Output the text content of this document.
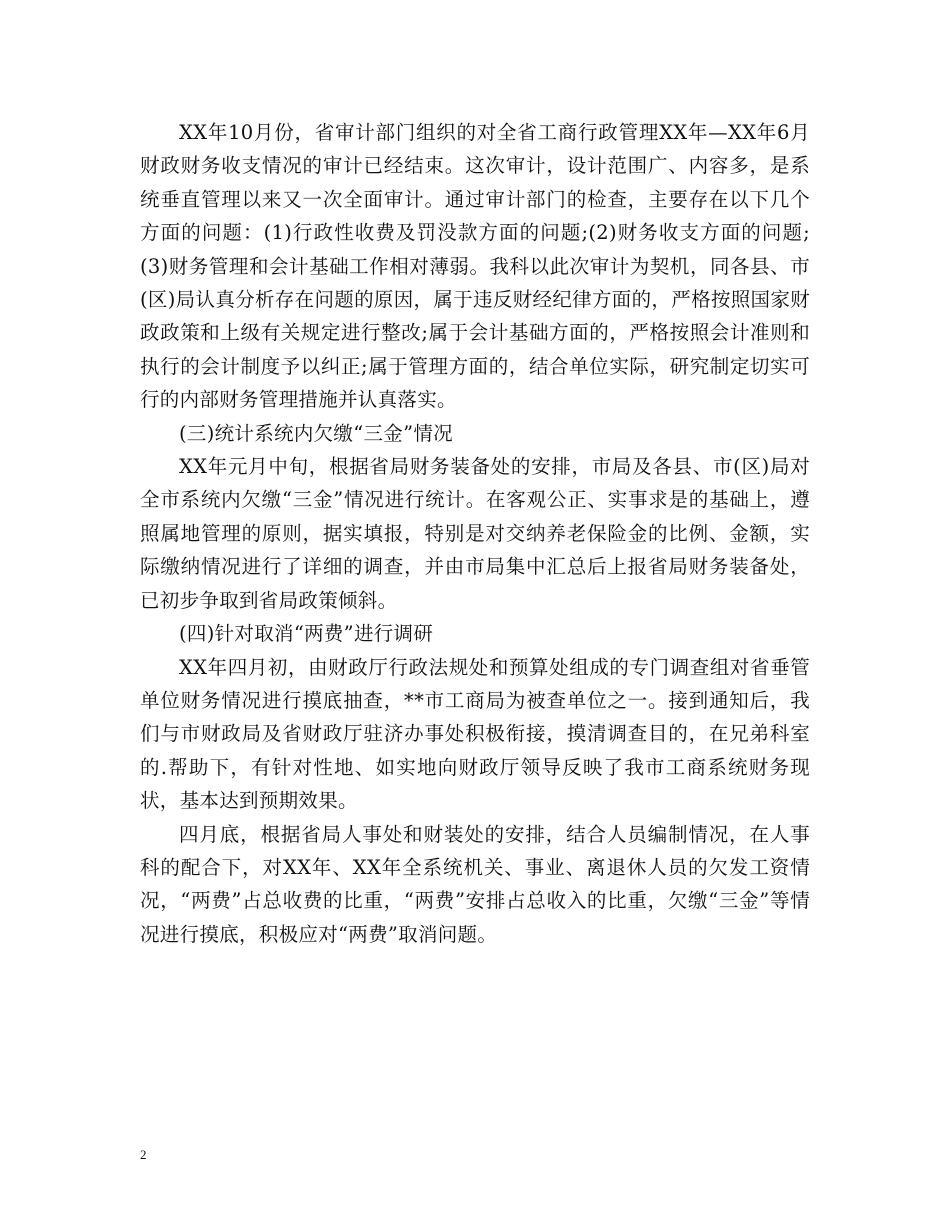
XX年10月份，省审计部门组织的对全省工商行政管理XX年—XX年6月财政财务收支情况的审计已经结束。这次审计，设计范围广、内容多，是系统垂直管理以来又一次全面审计。通过审计部门的检查，主要存在以下几个方面的问题：(1)行政性收费及罚没款方面的问题;(2)财务收支方面的问题;(3)财务管理和会计基础工作相对薄弱。我科以此次审计为契机，同各县、市(区)局认真分析存在问题的原因，属于违反财经纪律方面的，严格按照国家财政政策和上级有关规定进行整改;属于会计基础方面的，严格按照会计准则和执行的会计制度予以纠正;属于管理方面的，结合单位实际，研究制定切实可行的内部财务管理措施并认真落实。

(三)统计系统内欠缴“三金”情况

XX年元月中旬，根据省局财务装备处的安排，市局及各县、市(区)局对全市系统内欠缴“三金”情况进行统计。在客观公正、实事求是的基础上，遵照属地管理的原则，据实填报，特别是对交纳养老保险金的比例、金额，实际缴纳情况进行了详细的调查，并由市局集中汇总后上报省局财务装备处，已初步争取到省局政策倾斜。

(四)针对取消“两费”进行调研

XX年四月初，由财政厅行政法规处和预算处组成的专门调查组对省垂管单位财务情况进行摸底抽查，**市工商局为被查单位之一。接到通知后，我们与市财政局及省财政厅驻济办事处积极衔接，摸清调查目的，在兄弟科室的.帮助下，有针对性地、如实地向财政厅领导反映了我市工商系统财务现状，基本达到预期效果。

四月底，根据省局人事处和财装处的安排，结合人员编制情况，在人事科的配合下，对XX年、XX年全系统机关、事业、离退休人员的欠发工资情况，“两费”占总收费的比重，“两费”安排占总收入的比重，欠缴“三金”等情况进行摸底，积极应对“两费”取消问题。

2
